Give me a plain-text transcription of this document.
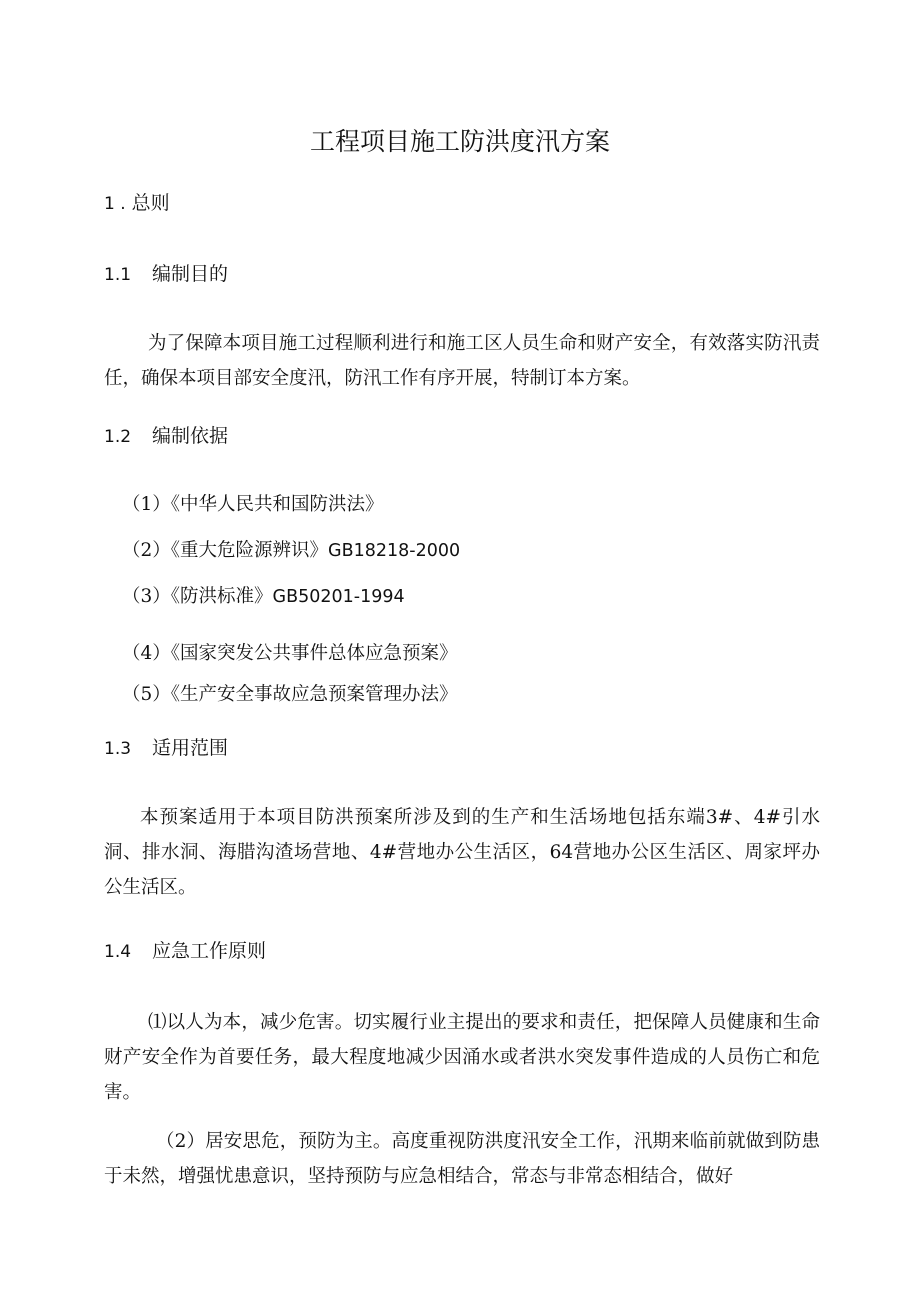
工程项目施工防洪度汛方案
1 . 总则
1.1 编制目的

为了保障本项目施工过程顺利进行和施工区人员生命和财产安全，有效落实防汛责任，确保本项目部安全度汛，防汛工作有序开展，特制订本方案。

1.2 编制依据

（1）《中华人民共和国防洪法》

（2）《重大危险源辨识》GB18218-2000

（3）《防洪标准》GB50201-1994

（4）《国家突发公共事件总体应急预案》

（5）《生产安全事故应急预案管理办法》

1.3 适用范围

本预案适用于本项目防洪预案所涉及到的生产和生活场地包括东端3#、4#引水洞、排水洞、海腊沟渣场营地、4#营地办公生活区，64营地办公区生活区、周家坪办公生活区。

1.4 应急工作原则

⑴以人为本，减少危害。切实履行业主提出的要求和责任，把保障人员健康和生命财产安全作为首要任务，最大程度地减少因涌水或者洪水突发事件造成的人员伤亡和危害。

（2）居安思危，预防为主。高度重视防洪度汛安全工作，汛期来临前就做到防患于未然，增强忧患意识，坚持预防与应急相结合，常态与非常态相结合，做好
